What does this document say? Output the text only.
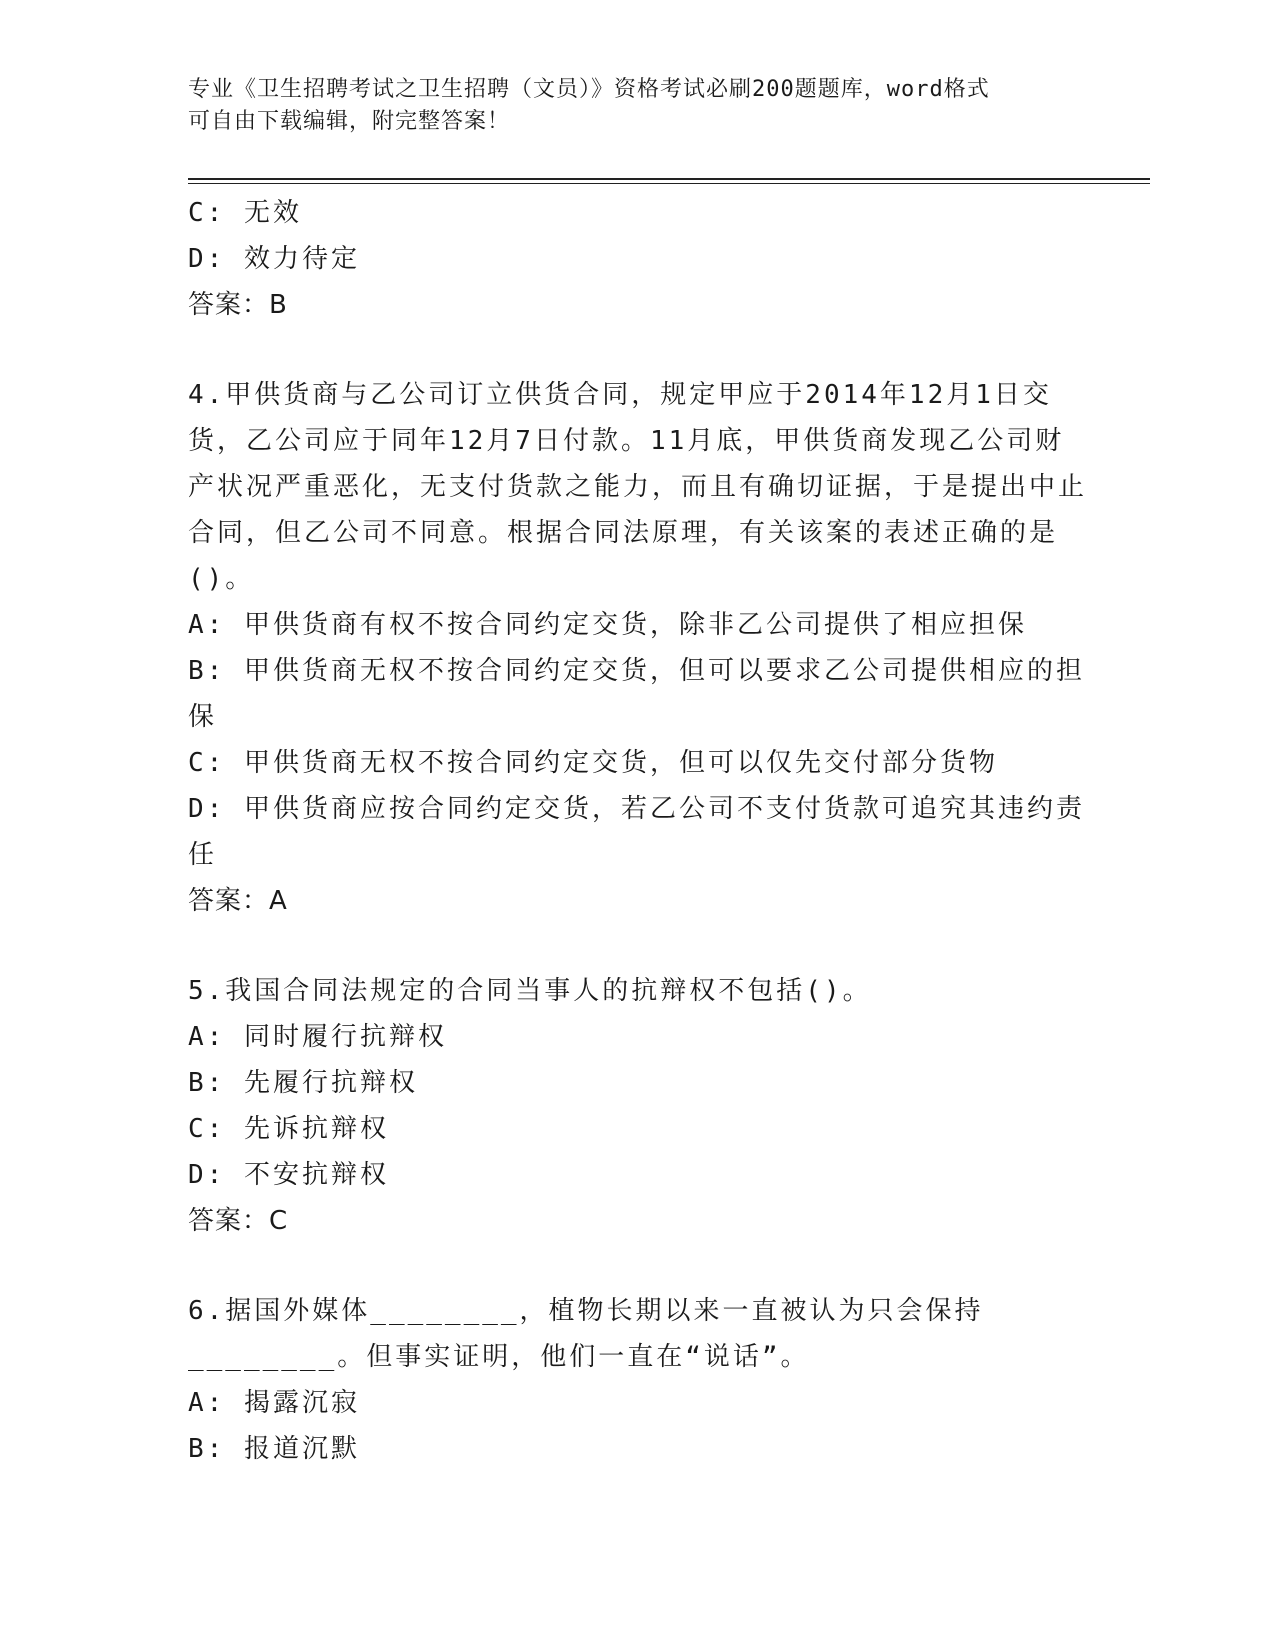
专业《卫生招聘考试之卫生招聘（文员）》资格考试必刷200题题库，word格式
可自由下载编辑，附完整答案！

C: 无效

D: 效力待定

答案：B

4.甲供货商与乙公司订立供货合同，规定甲应于2014年12月1日交货，乙公司应于同年12月7日付款。11月底，甲供货商发现乙公司财产状况严重恶化，无支付货款之能力，而且有确切证据，于是提出中止合同，但乙公司不同意。根据合同法原理，有关该案的表述正确的是()。

A: 甲供货商有权不按合同约定交货，除非乙公司提供了相应担保

B: 甲供货商无权不按合同约定交货，但可以要求乙公司提供相应的担保

C: 甲供货商无权不按合同约定交货，但可以仅先交付部分货物

D: 甲供货商应按合同约定交货，若乙公司不支付货款可追究其违约责任

答案：A

5.我国合同法规定的合同当事人的抗辩权不包括()。

A: 同时履行抗辩权

B: 先履行抗辩权

C: 先诉抗辩权

D: 不安抗辩权

答案：C

6.据国外媒体________，植物长期以来一直被认为只会保持________。但事实证明，他们一直在“说话”。

A: 揭露沉寂

B: 报道沉默
